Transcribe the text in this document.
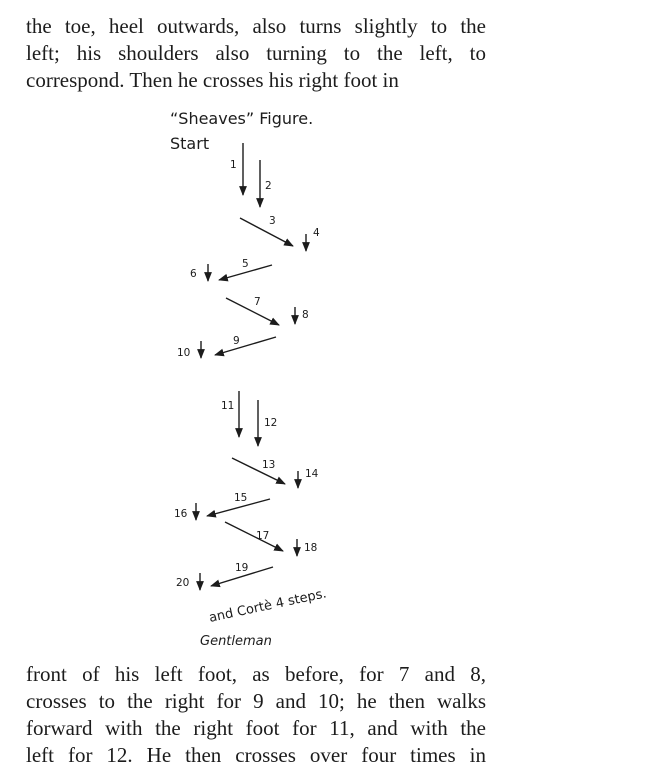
the toe, heel outwards, also turns slightly to the
left; his shoulders also turning to the left, to
correspond. Then he crosses his right foot in
“Sheaves” Figure.
Start
1
2
3
4
5
6
7
8
9
10
11
12
13
14
15
16
17
18
19
20
and Cortè 4 steps.
Gentleman
front of his left foot, as before, for 7 and 8,
crosses to the right for 9 and 10; he then walks
forward with the right foot for 11, and with the
left for 12. He then crosses over four times in
